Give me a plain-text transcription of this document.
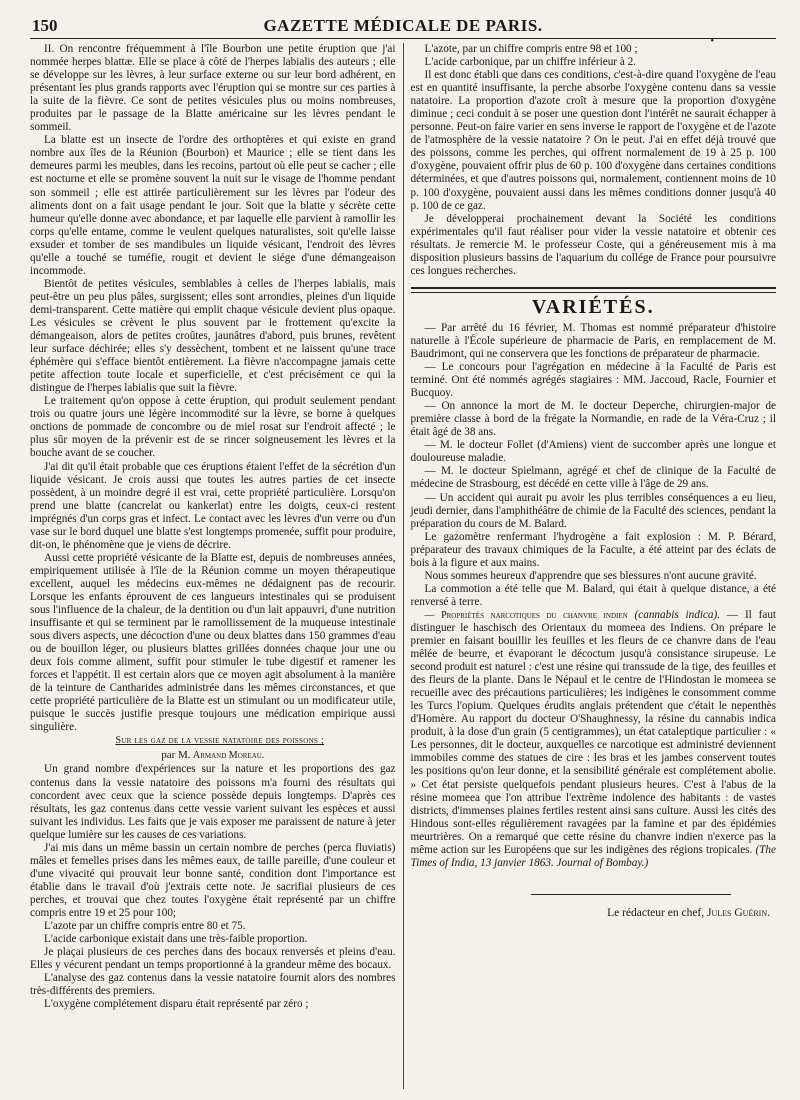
150	GAZETTE MÉDICALE DE PARIS.
•

II. On rencontre fréquemment à l'île Bourbon une petite éruption que j'ai nommée herpes blattæ. Elle se place à côté de l'herpes labialis des auteurs ; elle se développe sur les lèvres, à leur surface externe ou sur leur bord adhérent, en présentant les plus grands rapports avec l'éruption qui se montre sur ces parties à la suite de la fièvre. Ce sont de petites vésicules plus ou moins nombreuses, produites par le passage de la Blatte américaine sur les lèvres pendant le sommeil.

La blatte est un insecte de l'ordre des orthoptères et qui existe en grand nombre aux îles de la Réunion (Bourbon) et Maurice ; elle se tient dans les demeures parmi les meubles, dans les recoins, partout où elle peut se cacher ; elle est nocturne et elle se promène souvent la nuit sur le visage de l'homme pendant son sommeil ; elle est attirée particulièrement sur les lèvres par l'odeur des aliments dont on a fait usage pendant le jour. Soit que la blatte y sécrète cette humeur qu'elle donne avec abondance, et par laquelle elle parvient à ramollir les corps qu'elle entame, comme le veulent quelques naturalistes, soit qu'elle laisse exsuder et tomber de ses mandibules un liquide vésicant, l'endroit des lèvres qu'elle a touché se tuméfie, rougit et devient le siége d'une démangeaison incommode.

Bientôt de petites vésicules, semblables à celles de l'herpes labialis, mais peut-être un peu plus pâles, surgissent; elles sont arrondies, pleines d'un liquide demi-transparent. Cette matière qui emplit chaque vésicule devient plus opaque. Les vésicules se crèvent le plus souvent par le frottement qu'excite la démangeaison, alors de petites croûtes, jaunâtres d'abord, puis brunes, revêtent leur surface déchirée; elles s'y dessèchent, tombent et ne laissent qu'une trace éphémère qui s'efface bientôt entièrement. La fièvre n'accompagne jamais cette petite affection toute locale et superficielle, et c'est précisément ce qui la distingue de l'herpes labialis que suit la fièvre.

Le traitement qu'on oppose à cette éruption, qui produit seulement pendant trois ou quatre jours une légère incommodité sur la lèvre, se borne à quelques onctions de pommade de concombre ou de miel rosat sur l'endroit affecté ; le plus sûr moyen de la prévenir est de se rincer soigneusement les lèvres et la bouche avant de se coucher.

J'ai dit qu'il était probable que ces éruptions étaient l'effet de la sécrétion d'un liquide vésicant. Je crois aussi que toutes les autres parties de cet insecte possèdent, à un moindre degré il est vrai, cette propriété particulière. Lorsqu'on prend une blatte (cancrelat ou kankerlat) entre les doigts, ceux-ci restent imprégnés d'un corps gras et infect. Le contact avec les lèvres d'un verre ou d'un vase sur le bord duquel une blatte s'est longtemps promenée, suffit pour produire, dit-on, le phénomène que je viens de décrire.

Aussi cette propriété vésicante de la Blatte est, depuis de nombreuses années, empiriquement utilisée à l'île de la Réunion comme un moyen thérapeutique excellent, auquel les médecins eux-mêmes ne dédaignent pas de recourir. Lorsque les enfants éprouvent de ces langueurs intestinales qui se produisent sous l'influence de la chaleur, de la dentition ou d'un lait appauvri, d'une nutrition insuffisante et qui se terminent par le ramollissement de la muqueuse intestinale sous divers aspects, une décoction d'une ou deux blattes dans 150 grammes d'eau ou de bouillon léger, ou plusieurs blattes grillées données chaque jour une ou deux fois comme aliment, suffit pour stimuler le tube digestif et ramener les forces et l'appétit. Il est certain alors que ce moyen agit absolument à la manière de la teinture de Cantharides administrée dans les mêmes circonstances, et que cette propriété particulière de la Blatte est un stimulant ou un modificateur utile, puisque le succès justifie presque toujours une médication empirique aussi singulière.

Sur les gaz de la vessie natatoire des poissons ;
par M. Armand Moreau.

Un grand nombre d'expériences sur la nature et les proportions des gaz contenus dans la vessie natatoire des poissons m'a fourni des résultats qui concordent avec ceux que la science possède depuis longtemps. D'après ces résultats, les gaz contenus dans cette vessie varient suivant les espèces et aussi suivant les individus. Les faits que je vais exposer me paraissent de nature à jeter quelque lumière sur les causes de ces variations.

J'ai mis dans un même bassin un certain nombre de perches (perca fluviatis) mâles et femelles prises dans les mêmes eaux, de taille pareille, d'une couleur et d'une vivacité qui prouvait leur bonne santé, condition dont l'importance est établie dans le travail d'où j'extrais cette note. Je sacrifiai plusieurs de ces perches, et trouvai que chez toutes l'oxygène était représenté par un chiffre compris entre 19 et 25 pour 100;

L'azote par un chiffre compris entre 80 et 75.

L'acide carbonique existait dans une très-faible proportion.

Je plaçai plusieurs de ces perches dans des bocaux renversés et pleins d'eau. Elles y vécurent pendant un temps proportionné à la grandeur même des bocaux.

L'analyse des gaz contenus dans la vessie natatoire fournit alors des nombres très-différents des premiers.

L'oxygène complétement disparu était représenté par zéro ;

L'azote, par un chiffre compris entre 98 et 100 ;

L'acide carbonique, par un chiffre inférieur à 2.

Il est donc établi que dans ces conditions, c'est-à-dire quand l'oxygène de l'eau est en quantité insuffisante, la perche absorbe l'oxygène contenu dans sa vessie natatoire. La proportion d'azote croît à mesure que la proportion d'oxygène diminue ; ceci conduit à se poser une question dont l'intérêt ne saurait échapper à personne. Peut-on faire varier en sens inverse le rapport de l'oxygène et de l'azote de l'atmosphère de la vessie natatoire ? On le peut. J'ai en effet déjà trouvé que des poissons, comme les perches, qui offrent normalement de 19 à 25 p. 100 d'oxygène, pouvaient offrir plus de 60 p. 100 d'oxygène dans certaines conditions déterminées, et que d'autres poissons qui, normalement, contiennent moins de 10 p. 100 d'oxygène, pouvaient aussi dans les mêmes conditions donner jusqu'à 40 p. 100 de ce gaz.

Je développerai prochainement devant la Société les conditions expérimentales qu'il faut réaliser pour vider la vessie natatoire et obtenir ces résultats. Je remercie M. le professeur Coste, qui a généreusement mis à ma disposition plusieurs bassins de l'aquarium du collége de France pour poursuivre ces longues recherches.

VARIÉTÉS.

— Par arrêté du 16 février, M. Thomas est nommé préparateur d'histoire naturelle à l'École supérieure de pharmacie de Paris, en remplacement de M. Baudrimont, qui ne conservera que les fonctions de préparateur de pharmacie.

— Le concours pour l'agrégation en médecine à la Faculté de Paris est terminé. Ont été nommés agrégés stagiaires : MM. Jaccoud, Racle, Fournier et Bucquoy.

— On annonce la mort de M. le docteur Deperche, chirurgien-major de première classe à bord de la frégate la Normandie, en rade de la Véra-Cruz ; il était âgé de 38 ans.

— M. le docteur Follet (d'Amiens) vient de succomber après une longue et douloureuse maladie.

— M. le docteur Spielmann, agrégé et chef de clinique de la Faculté de médecine de Strasbourg, est décédé en cette ville à l'âge de 29 ans.

— Un accident qui aurait pu avoir les plus terribles conséquences a eu lieu, jeudi dernier, dans l'amphithéâtre de chimie de la Faculté des sciences, pendant la préparation du cours de M. Balard.

Le gazomètre renfermant l'hydrogène a fait explosion : M. P. Bérard, préparateur des travaux chimiques de la Faculte, a été atteint par des éclats de bois à la figure et aux mains.

Nous sommes heureux d'apprendre que ses blessures n'ont aucune gravité.

La commotion a été telle que M. Balard, qui était à quelque distance, a été renversé à terre.

— Propriétés narcotiques du chanvre indien (cannabis indica). — Il faut distinguer le haschisch des Orientaux du momeea des Indiens. On prépare le premier en faisant bouillir les feuilles et les fleurs de ce chanvre dans de l'eau mêlée de beurre, et évaporant le décoctum jusqu'à consistance sirupeuse. Le second produit est naturel : c'est une résine qui transsude de la tige, des feuilles et des fleurs de la plante. Dans le Népaul et le centre de l'Hindostan le momeea se recueille avec des précautions particulières; les indigènes le consomment comme les Turcs l'opium. Quelques érudits anglais prétendent que c'était le nepenthès d'Homère. Au rapport du docteur O'Shaughnessy, la résine du cannabis indica produit, à la dose d'un grain (5 centigrammes), un état cataleptique particulier : « Les personnes, dit le docteur, auxquelles ce narcotique est administré deviennent immobiles comme des statues de cire : les bras et les jambes conservent toutes les positions qu'on leur donne, et la sensibilité générale est complétement abolie. » Cet état persiste quelquefois pendant plusieurs heures. C'est à l'abus de la résine momeea que l'on attribue l'extrême indolence des habitants : de vastes districts, d'immenses plaines fertiles restent ainsi sans culture. Aussi les cités des Hindous sont-elles régulièrement ravagées par la famine et par des épidémies meurtrières. On a remarqué que cette résine du chanvre indien n'exerce pas la même action sur les Européens que sur les indigènes des régions tropicales. (The Times of India, 13 janvier 1863. Journal of Bombay.)

Le rédacteur en chef, Jules Guérin.
